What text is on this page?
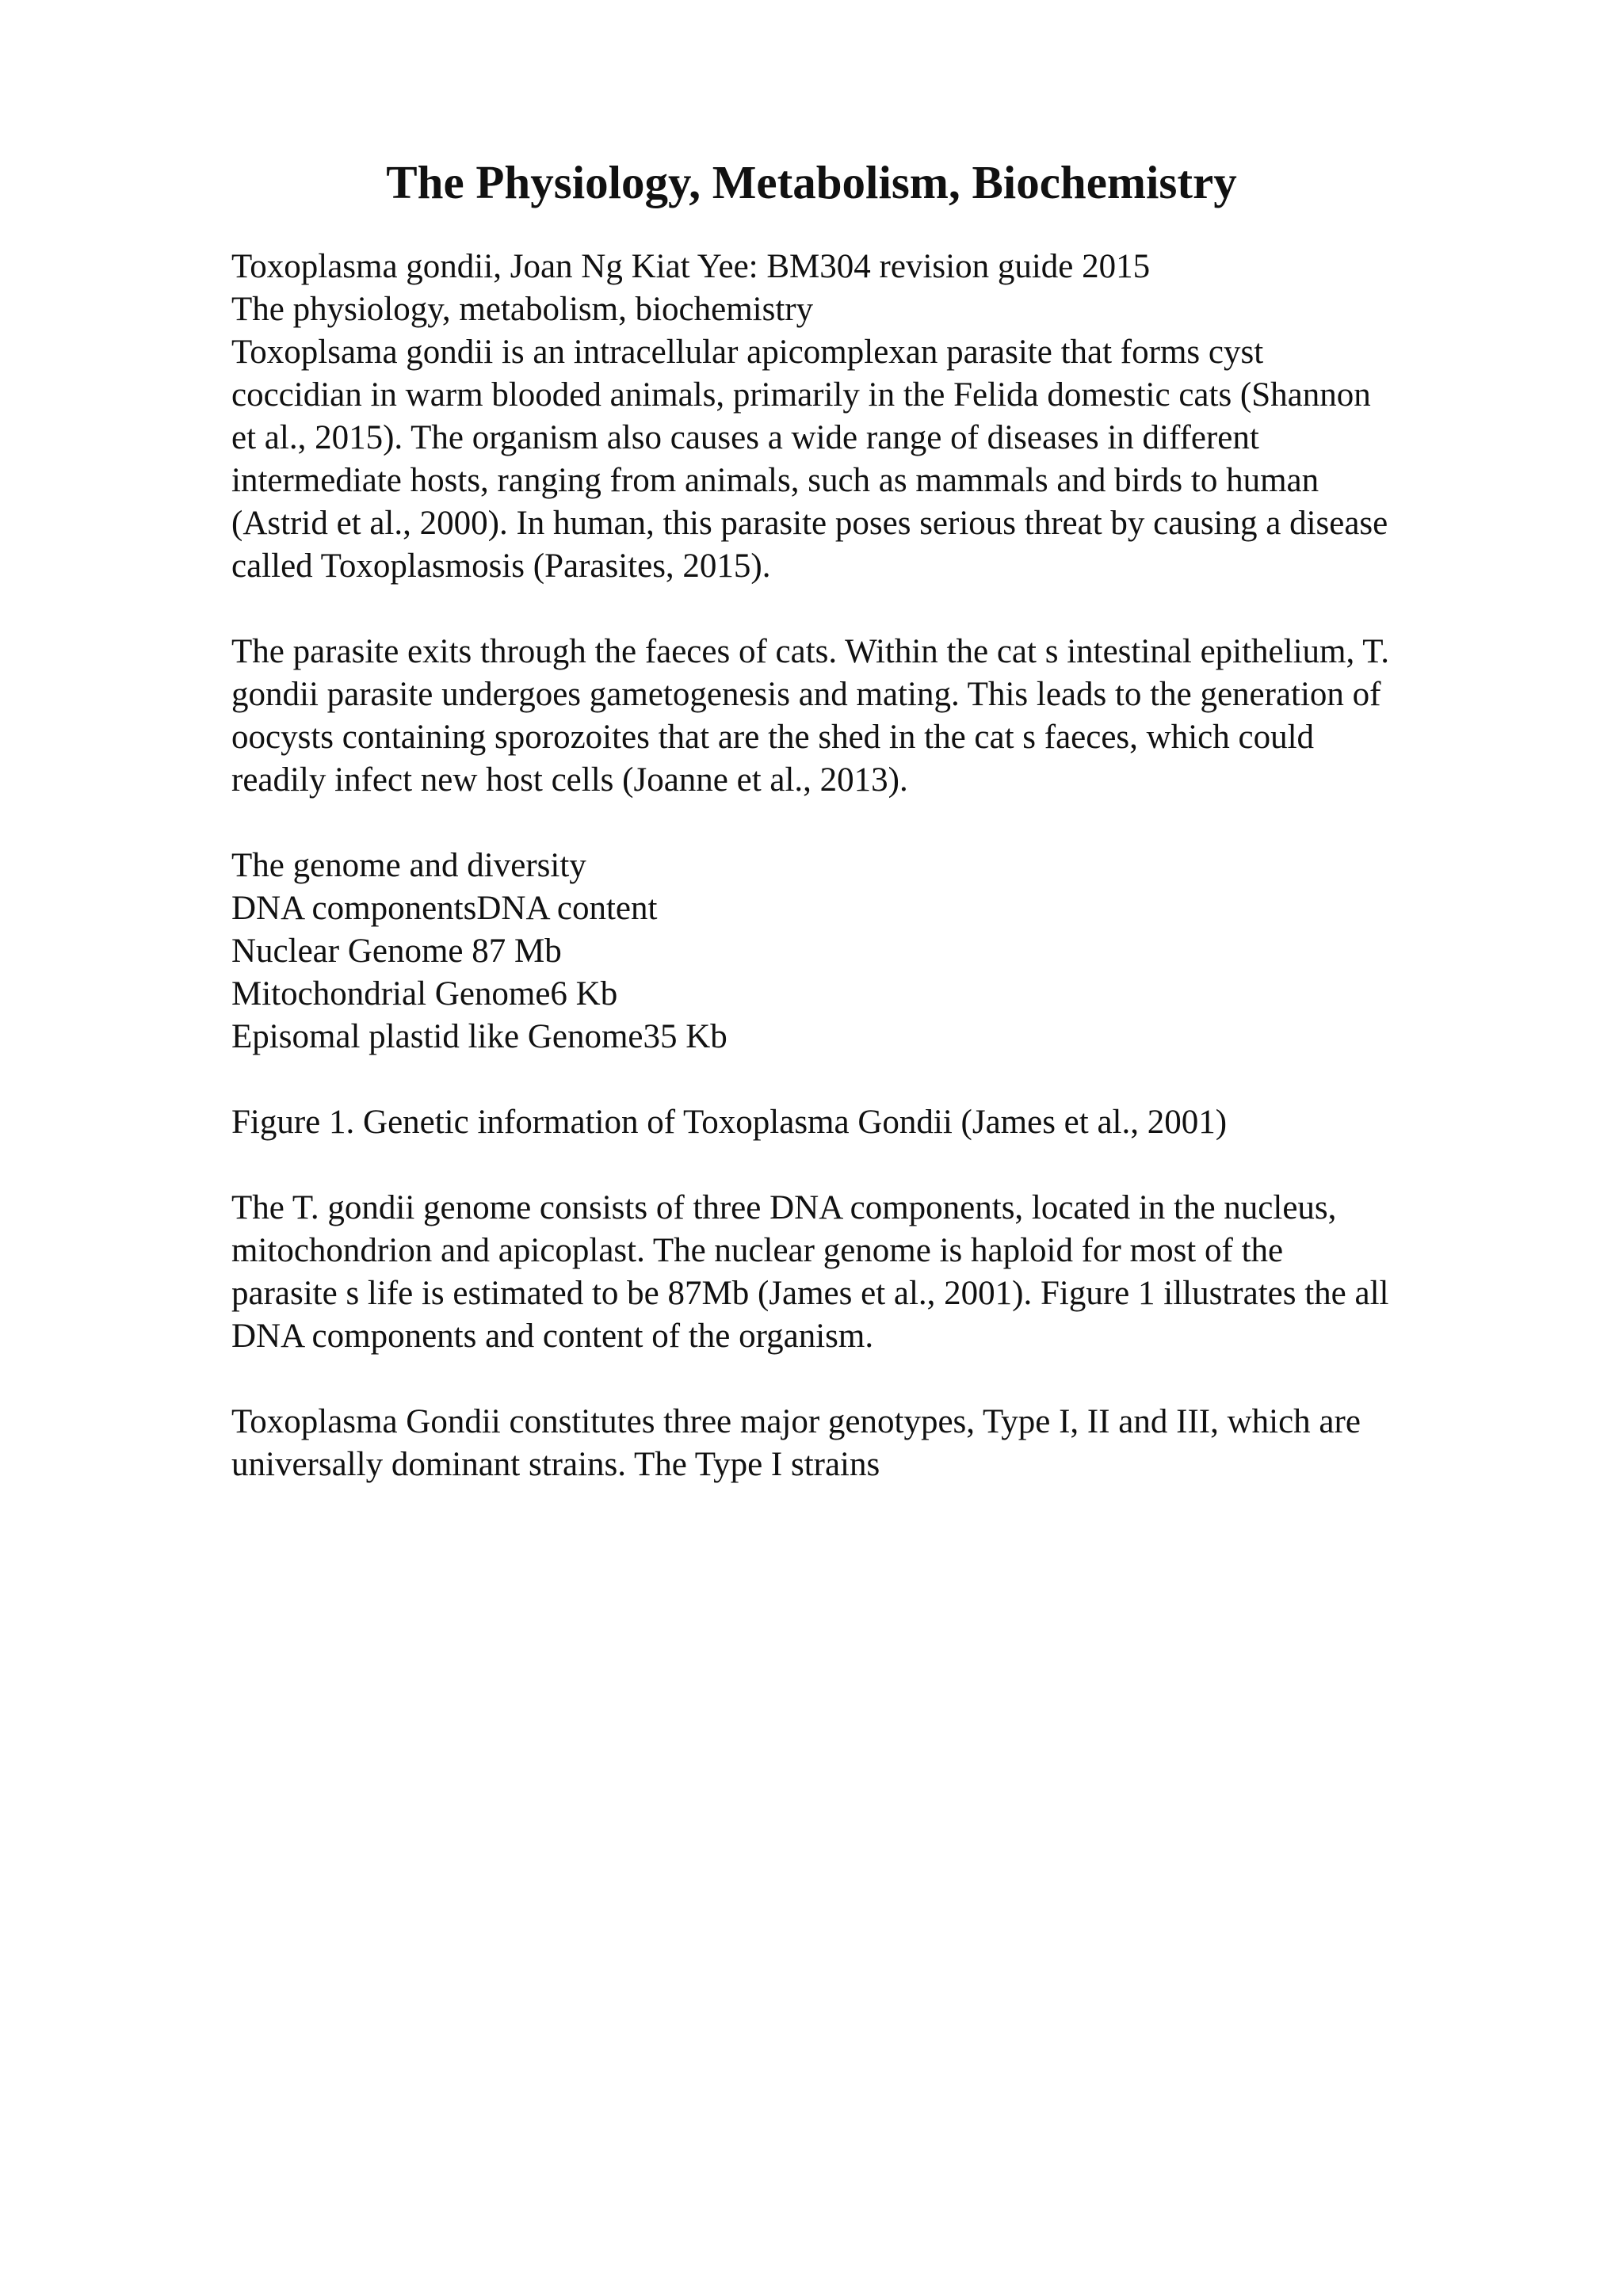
The Physiology, Metabolism, Biochemistry
Toxoplasma gondii, Joan Ng Kiat Yee: BM304 revision guide 2015
The physiology, metabolism, biochemistry
Toxoplsama gondii is an intracellular apicomplexan parasite that forms cyst
coccidian in warm blooded animals, primarily in the Felida domestic cats (Shannon
et al., 2015). The organism also causes a wide range of diseases in different
intermediate hosts, ranging from animals, such as mammals and birds to human
(Astrid et al., 2000). In human, this parasite poses serious threat by causing a disease
called Toxoplasmosis (Parasites, 2015).
The parasite exits through the faeces of cats. Within the cat s intestinal epithelium, T.
gondii parasite undergoes gametogenesis and mating. This leads to the generation of
oocysts containing sporozoites that are the shed in the cat s faeces, which could
readily infect new host cells (Joanne et al., 2013).
The genome and diversity
DNA componentsDNA content
Nuclear Genome 87 Mb
Mitochondrial Genome6 Kb
Episomal plastid like Genome35 Kb
Figure 1. Genetic information of Toxoplasma Gondii (James et al., 2001)
The T. gondii genome consists of three DNA components, located in the nucleus,
mitochondrion and apicoplast. The nuclear genome is haploid for most of the
parasite s life is estimated to be 87Mb (James et al., 2001). Figure 1 illustrates the all
DNA components and content of the organism.
Toxoplasma Gondii constitutes three major genotypes, Type I, II and III, which are
universally dominant strains. The Type I strains
